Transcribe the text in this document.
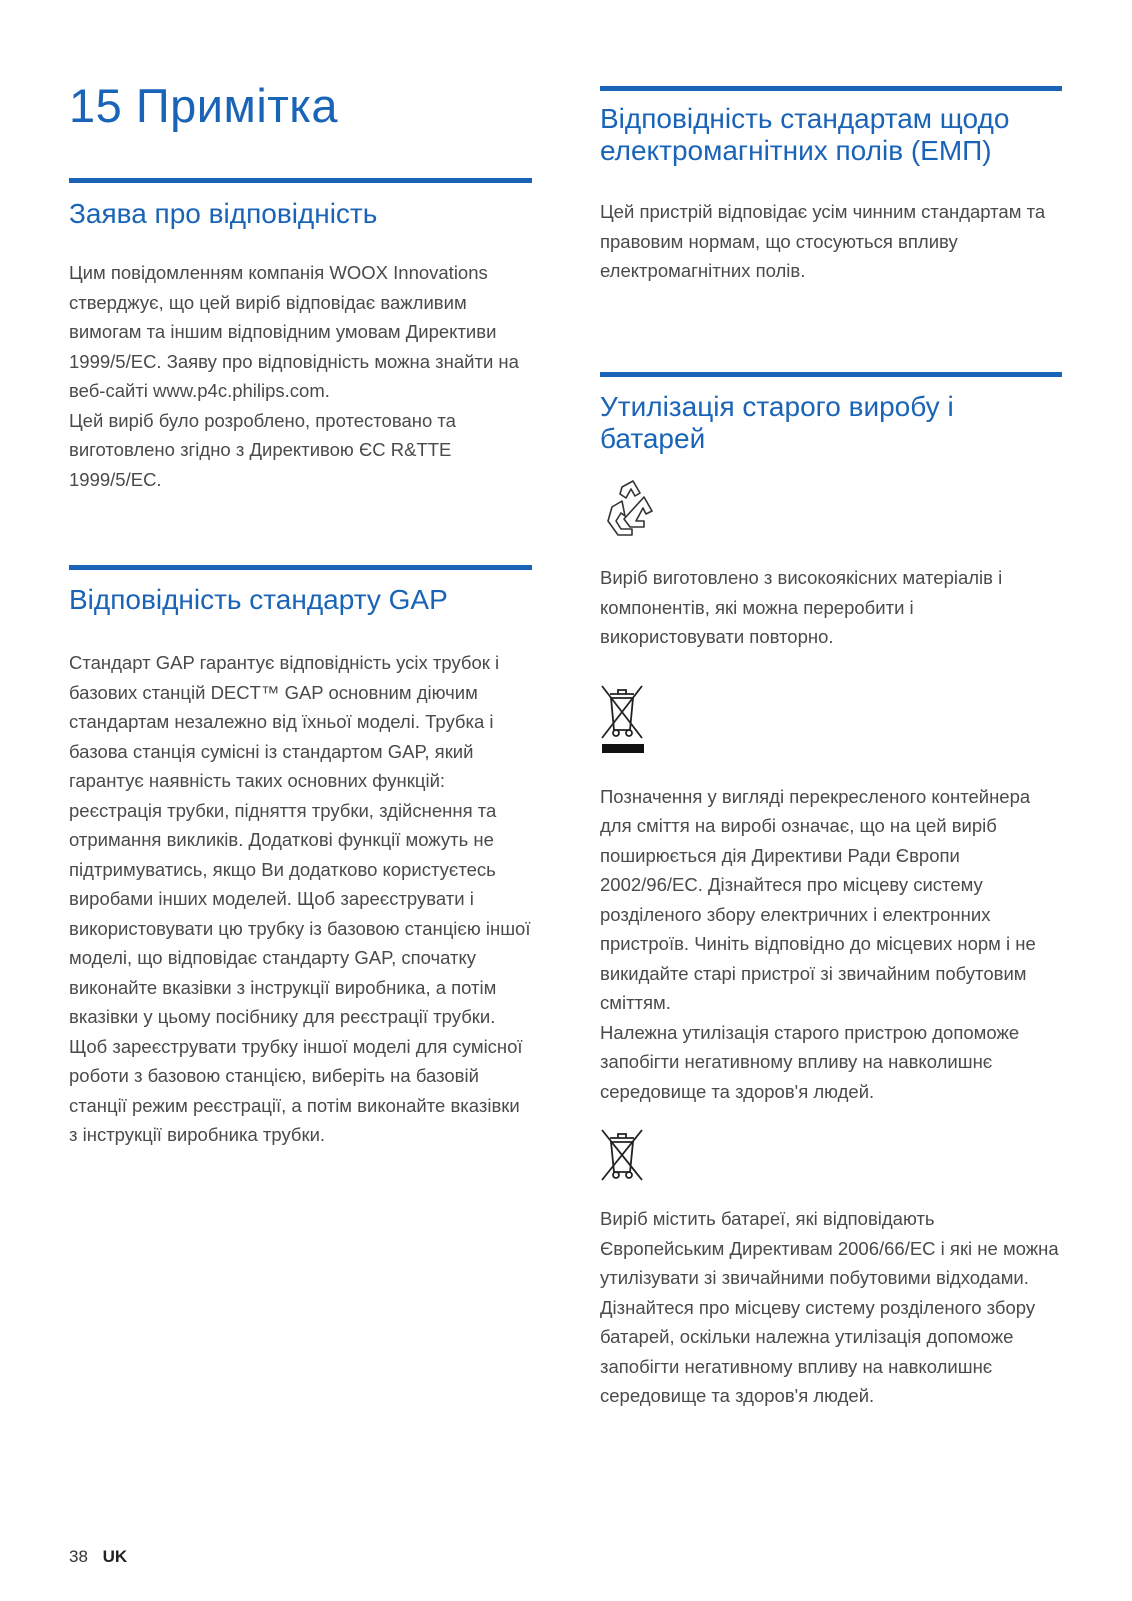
15 Примітка
Заява про відповідність

Цим повідомленням компанія WOOX Innovations стверджує, що цей виріб відповідає важливим вимогам та іншим відповідним умовам Директиви 1999/5/EC. Заяву про відповідність можна знайти на веб-сайті www.p4c.philips.com.

Цей виріб було розроблено, протестовано та виготовлено згідно з Директивою ЄС R&TTE 1999/5/EC.

Відповідність стандарту GAP

Стандарт GAP гарантує відповідність усіх трубок і базових станцій DECT™ GAP основним діючим стандартам незалежно від їхньої моделі. Трубка і базова станція сумісні із стандартом GAP, який гарантує наявність таких основних функцій: реєстрація трубки, підняття трубки, здійснення та отримання викликів. Додаткові функції можуть не підтримуватись, якщо Ви додатково користуєтесь виробами інших моделей. Щоб зареєструвати і використовувати цю трубку із базовою станцією іншої моделі, що відповідає стандарту GAP, спочатку виконайте вказівки з інструкції виробника, а потім вказівки у цьому посібнику для реєстрації трубки.

Щоб зареєструвати трубку іншої моделі для сумісної роботи з базовою станцією, виберіть на базовій станції режим реєстрації, а потім виконайте вказівки з інструкції виробника трубки.

Відповідність стандартам щодо електромагнітних полів (ЕМП)

Цей пристрій відповідає усім чинним стандартам та правовим нормам, що стосуються впливу електромагнітних полів.

Утилізація старого виробу і батарей

Виріб виготовлено з високоякісних матеріалів і компонентів, які можна переробити і використовувати повторно.

Позначення у вигляді перекресленого контейнера для сміття на виробі означає, що на цей виріб поширюється дія Директиви Ради Європи 2002/96/EC. Дізнайтеся про місцеву систему розділеного збору електричних і електронних пристроїв. Чиніть відповідно до місцевих норм і не викидайте старі пристрої зі звичайним побутовим сміттям.

Належна утилізація старого пристрою допоможе запобігти негативному впливу на навколишнє середовище та здоров'я людей.

Виріб містить батареї, які відповідають Європейським Директивам 2006/66/EC і які не можна утилізувати зі звичайними побутовими відходами.

Дізнайтеся про місцеву систему розділеного збору батарей, оскільки належна утилізація допоможе запобігти негативному впливу на навколишнє середовище та здоров'я людей.

38 UK
